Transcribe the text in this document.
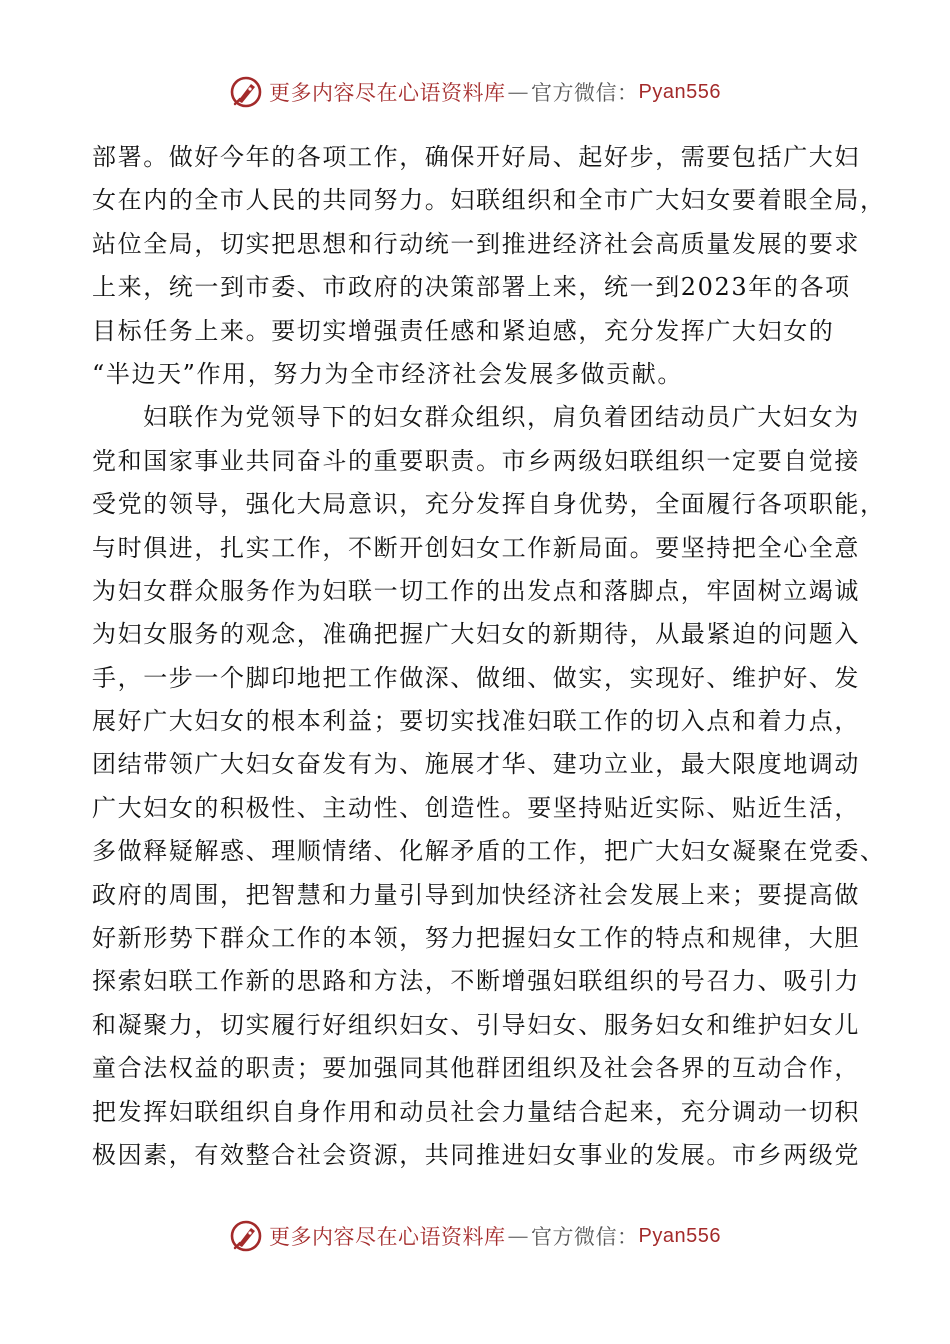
更多内容尽在心语资料库 — 官方微信： Pyan556
部署。做好今年的各项工作，确保开好局、起好步，需要包括广大妇
女在内的全市人民的共同努力。妇联组织和全市广大妇女要着眼全局，
站位全局，切实把思想和行动统一到推进经济社会高质量发展的要求
上来，统一到市委、市政府的决策部署上来，统一到2023年的各项
目标任务上来。要切实增强责任感和紧迫感，充分发挥广大妇女的
“半边天”作用，努力为全市经济社会发展多做贡献。
妇联作为党领导下的妇女群众组织，肩负着团结动员广大妇女为
党和国家事业共同奋斗的重要职责。市乡两级妇联组织一定要自觉接
受党的领导，强化大局意识，充分发挥自身优势，全面履行各项职能，
与时俱进，扎实工作，不断开创妇女工作新局面。要坚持把全心全意
为妇女群众服务作为妇联一切工作的出发点和落脚点，牢固树立竭诚
为妇女服务的观念，准确把握广大妇女的新期待，从最紧迫的问题入
手，一步一个脚印地把工作做深、做细、做实，实现好、维护好、发
展好广大妇女的根本利益；要切实找准妇联工作的切入点和着力点，
团结带领广大妇女奋发有为、施展才华、建功立业，最大限度地调动
广大妇女的积极性、主动性、创造性。要坚持贴近实际、贴近生活，
多做释疑解惑、理顺情绪、化解矛盾的工作，把广大妇女凝聚在党委、
政府的周围，把智慧和力量引导到加快经济社会发展上来；要提高做
好新形势下群众工作的本领，努力把握妇女工作的特点和规律，大胆
探索妇联工作新的思路和方法，不断增强妇联组织的号召力、吸引力
和凝聚力，切实履行好组织妇女、引导妇女、服务妇女和维护妇女儿
童合法权益的职责；要加强同其他群团组织及社会各界的互动合作，
把发挥妇联组织自身作用和动员社会力量结合起来，充分调动一切积
极因素，有效整合社会资源，共同推进妇女事业的发展。市乡两级党
更多内容尽在心语资料库 — 官方微信： Pyan556
